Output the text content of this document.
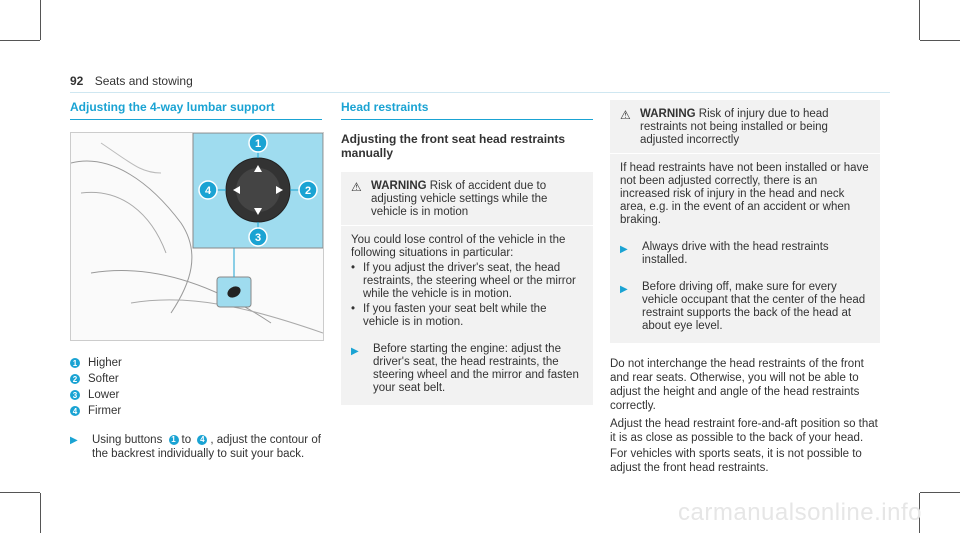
92 Seats and stowing
Adjusting the 4-way lumbar support
1
2
3
4
1 Higher
2 Softer
3 Lower
4 Firmer
▶	Using buttons 1 to 4 , adjust the contour of the backrest individually to suit your back.
Head restraints
Adjusting the front seat head restraints manually
⚠ WARNING Risk of accident due to adjusting vehicle settings while the vehicle is in motion
You could lose control of the vehicle in the following situations in particular:
• If you adjust the driver's seat, the head restraints, the steering wheel or the mirror while the vehicle is in motion.
• If you fasten your seat belt while the vehicle is in motion.
▶	Before starting the engine: adjust the driver's seat, the head restraints, the steering wheel and the mirror and fasten your seat belt.
⚠ WARNING Risk of injury due to head restraints not being installed or being adjusted incorrectly
If head restraints have not been installed or have not been adjusted correctly, there is an increased risk of injury in the head and neck area, e.g. in the event of an accident or when braking.
▶	Always drive with the head restraints installed.
▶	Before driving off, make sure for every vehicle occupant that the center of the head restraint supports the back of the head at about eye level.
Do not interchange the head restraints of the front and rear seats. Otherwise, you will not be able to adjust the height and angle of the head restraints correctly.
Adjust the head restraint fore-and-aft position so that it is as close as possible to the back of your head.
For vehicles with sports seats, it is not possible to adjust the front head restraints.
carmanualsonline.info
